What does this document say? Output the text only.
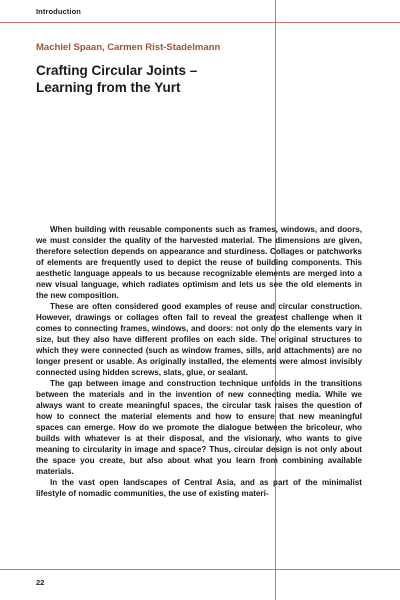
Introduction
Machiel Spaan, Carmen Rist-Stadelmann
Crafting Circular Joints –
Learning from the Yurt

When building with reusable components such as frames, windows, and doors, we must consider the quality of the harvested material. The dimensions are given, therefore selection depends on appearance and sturdiness. Collages or patchworks of elements are frequently used to depict the reuse of building components. This aesthetic language appeals to us because recognizable elements are merged into a new visual language, which radiates optimism and lets us see the old elements in the new composition.

These are often considered good examples of reuse and circular construction. However, drawings or collages often fail to reveal the greatest challenge when it comes to connecting frames, windows, and doors: not only do the elements vary in size, but they also have different profiles on each side. The original structures to which they were connected (such as window frames, sills, and attachments) are no longer present or usable. As originally installed, the elements were almost invisibly connected using hidden screws, slats, glue, or sealant.

The gap between image and construction technique unfolds in the transitions between the materials and in the invention of new connecting media. While we always want to create meaningful spaces, the circular task raises the question of how to connect the material elements and how to ensure that new meaningful spaces can emerge. How do we promote the dialogue between the bricoleur, who builds with whatever is at their disposal, and the visionary, who wants to give meaning to circularity in image and space? Thus, circular design is not only about the space you create, but also about what you learn from combining available materials.

In the vast open landscapes of Central Asia, and as part of the minimalist lifestyle of nomadic communities, the use of existing materi-

22
